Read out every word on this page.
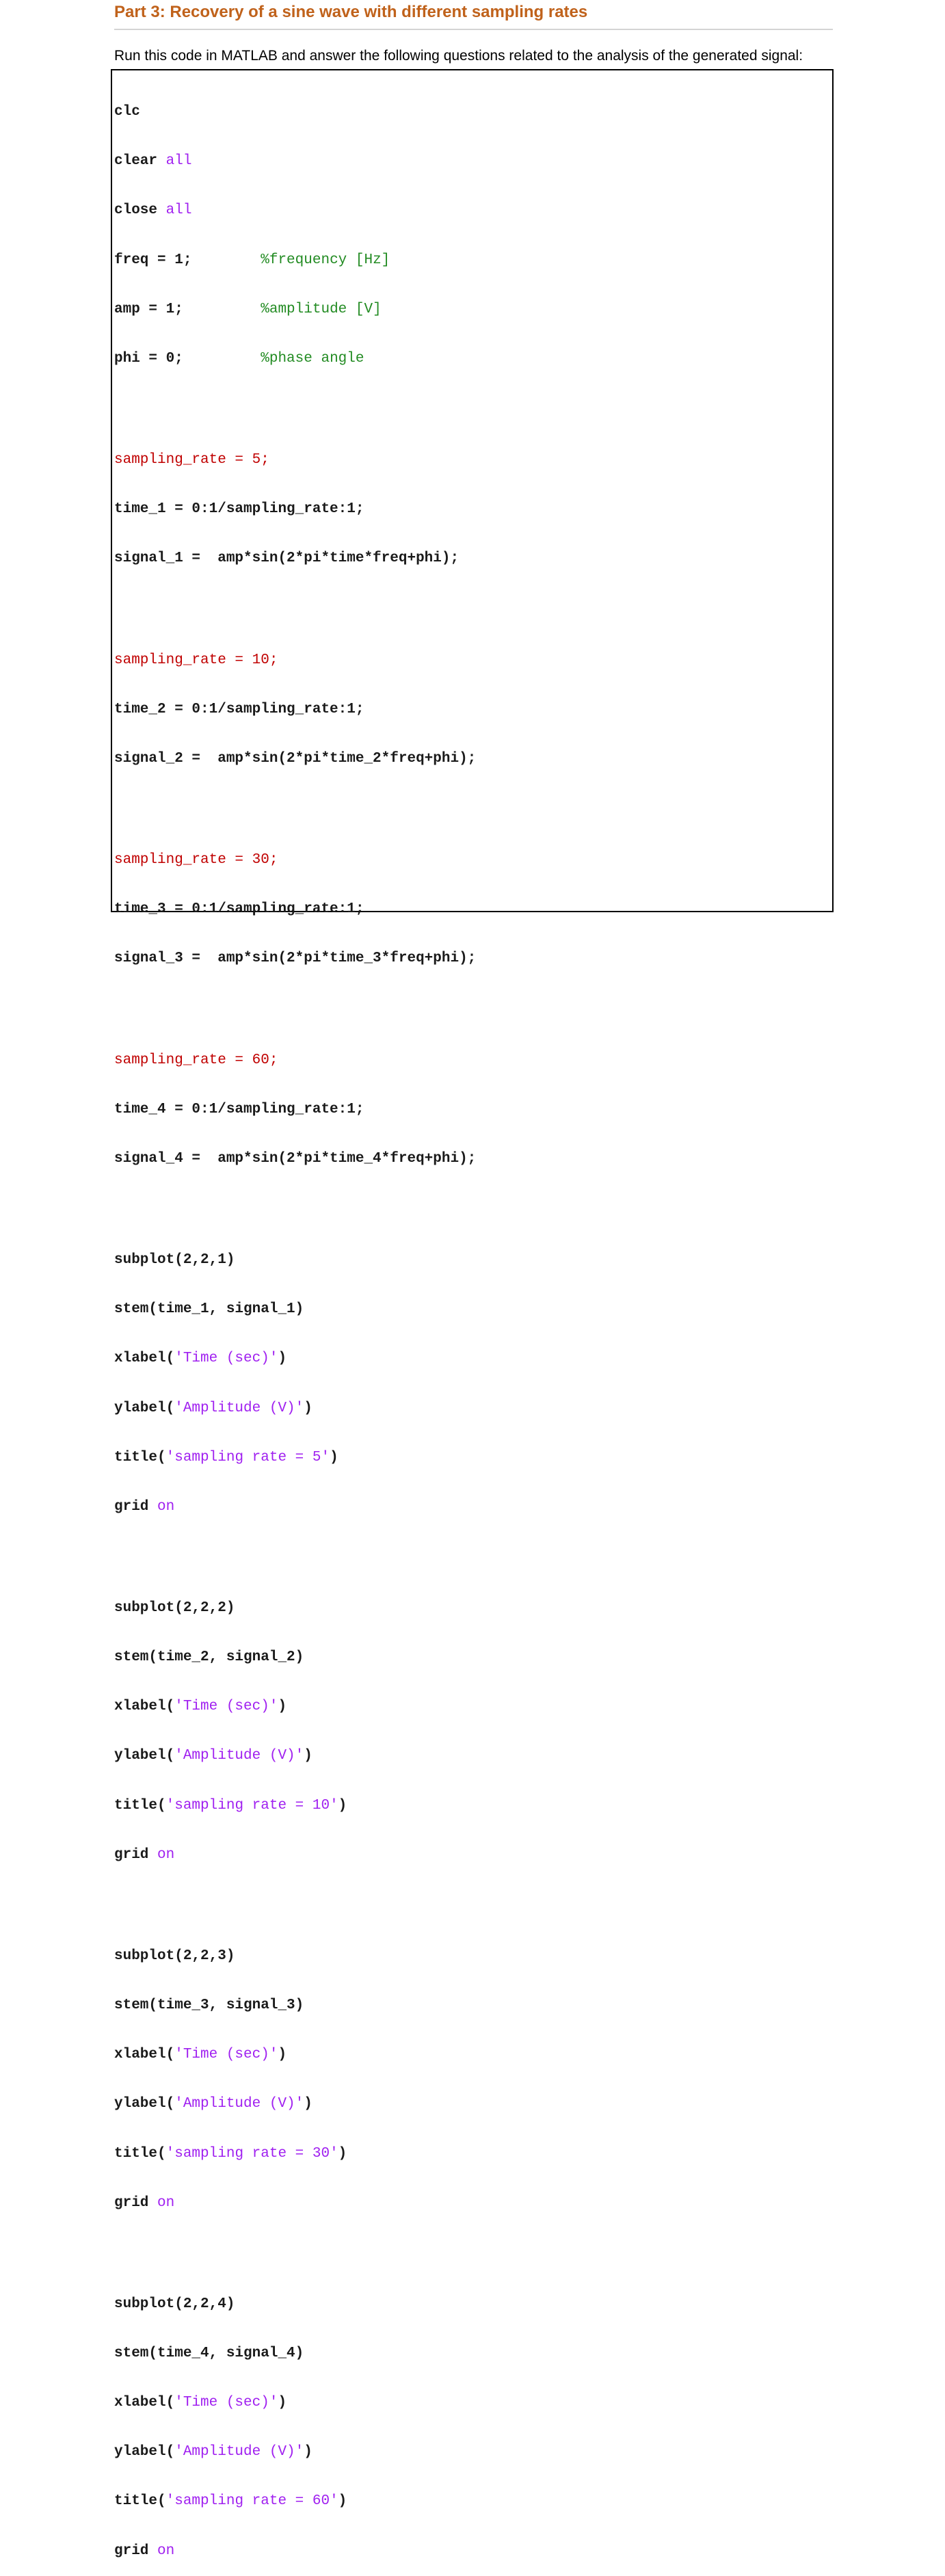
Part 3: Recovery of a sine wave with different sampling rates
Run this code in MATLAB and answer the following questions related to the analysis of the generated signal:

clc

clear all

close all

freq = 1;        %frequency [Hz]

amp = 1;         %amplitude [V]

phi = 0;         %phase angle

sampling_rate = 5;

time_1 = 0:1/sampling_rate:1;

signal_1 =  amp*sin(2*pi*time*freq+phi);

sampling_rate = 10;

time_2 = 0:1/sampling_rate:1;

signal_2 =  amp*sin(2*pi*time_2*freq+phi);

sampling_rate = 30;

time_3 = 0:1/sampling_rate:1;

signal_3 =  amp*sin(2*pi*time_3*freq+phi);

sampling_rate = 60;

time_4 = 0:1/sampling_rate:1;

signal_4 =  amp*sin(2*pi*time_4*freq+phi);

subplot(2,2,1)

stem(time_1, signal_1)

xlabel('Time (sec)')

ylabel('Amplitude (V)')

title('sampling rate = 5')

grid on

subplot(2,2,2)

stem(time_2, signal_2)

xlabel('Time (sec)')

ylabel('Amplitude (V)')

title('sampling rate = 10')

grid on

subplot(2,2,3)

stem(time_3, signal_3)

xlabel('Time (sec)')

ylabel('Amplitude (V)')

title('sampling rate = 30')

grid on

subplot(2,2,4)

stem(time_4, signal_4)

xlabel('Time (sec)')

ylabel('Amplitude (V)')

title('sampling rate = 60')

grid on
